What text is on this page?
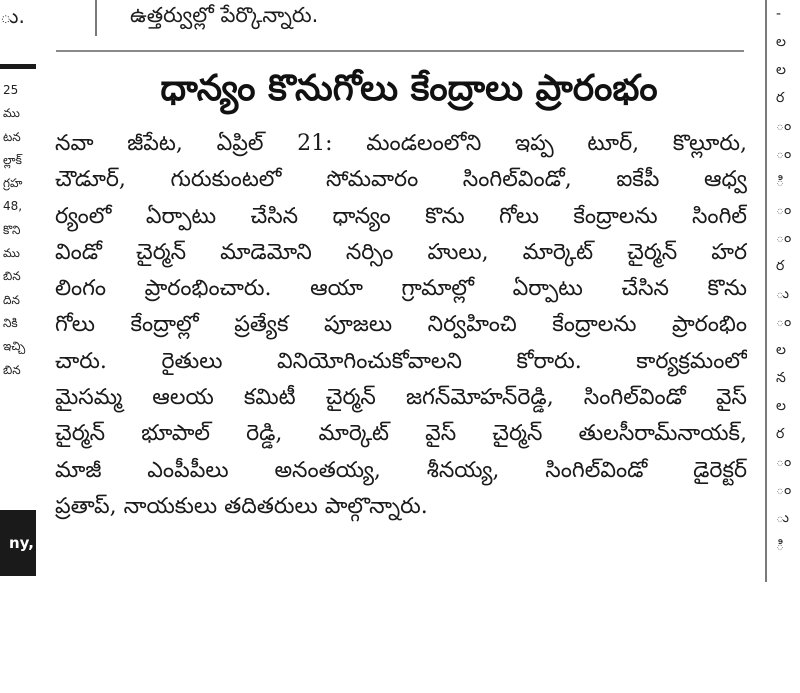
ు.	ఉత్తర్వుల్లో పేర్కొన్నారు.
25
ము
టన
ల్లాక్
గ్రహ
48,
కొని
ము
బిన
దిన
నికి
ఇచ్చి
బిన
ny,
ధాన్యం కొనుగోలు కేంద్రాలు ప్రారంభం
నవా జీపేట, ఏప్రిల్ 21: మండలంలోని ఇప్ప టూర్, కొల్లూరు,
చౌడూర్, గురుకుంటలో సోమవారం సింగిల్‌విండో, ఐకేపీ ఆధ్వ
ర్యంలో ఏర్పాటు చేసిన ధాన్యం కొను గోలు కేంద్రాలను సింగిల్
విండో చైర్మన్ మాడెమోని నర్సిం హులు, మార్కెట్ చైర్మన్ హర
లింగం ప్రారంభించారు. ఆయా గ్రామాల్లో ఏర్పాటు చేసిన కొను
గోలు కేంద్రాల్లో ప్రత్యేక పూజలు నిర్వహించి కేంద్రాలను ప్రారంభిం
చారు. రైతులు వినియోగించుకోవాలని కోరారు. కార్యక్రమంలో
మైసమ్మ ఆలయ కమిటీ చైర్మన్ జగన్‌మోహన్‌రెడ్డి, సింగిల్‌విండో వైస్
చైర్మన్ భూపాల్ రెడ్డి, మార్కెట్ వైస్ చైర్మన్ తులసీరామ్‌నాయక్,
మాజీ ఎంపీపీలు అనంతయ్య, శీనయ్య, సింగిల్‌విండో డైరెక్టర్
ప్రతాప్, నాయకులు తదితరులు పాల్గొన్నారు.
-
ల
ల
ర
ం
ం
ి
ం
ం
ర
ు
ం
ల
న
ల
ర
ం
ం
ు
ి
